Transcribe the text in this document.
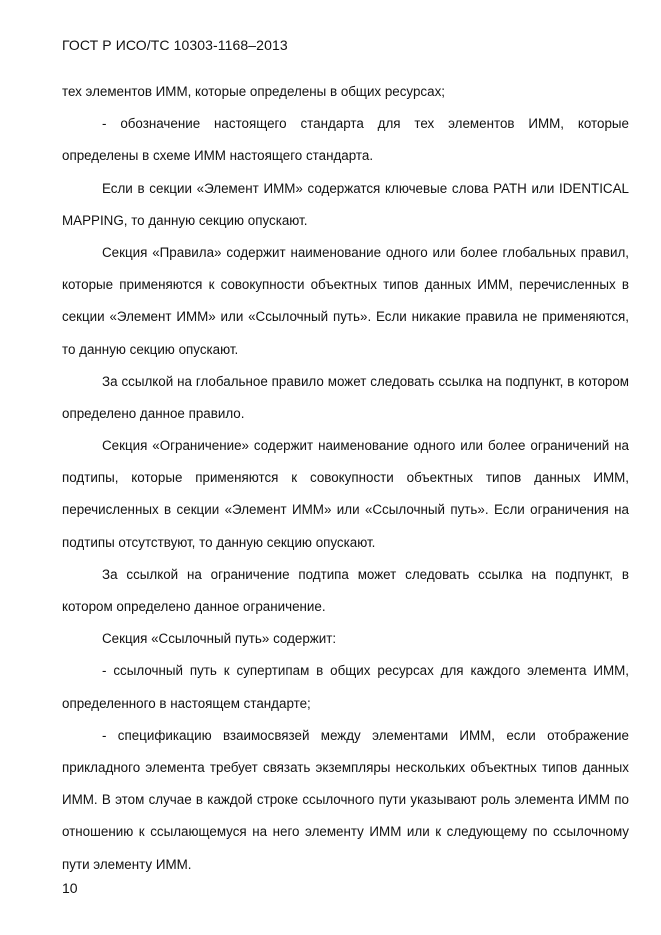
ГОСТ Р ИСО/ТС 10303-1168–2013
тех элементов ИММ, которые определены в общих ресурсах;
- обозначение настоящего стандарта для тех элементов ИММ, которые
определены в схеме ИММ настоящего стандарта.
Если в секции «Элемент ИММ» содержатся ключевые слова PATH или IDENTICAL
MAPPING, то данную секцию опускают.
Секция «Правила» содержит наименование одного или более глобальных правил,
которые применяются к совокупности объектных типов данных ИММ, перечисленных в
секции «Элемент ИММ» или «Ссылочный путь». Если никакие правила не применяются,
то данную секцию опускают.
За ссылкой на глобальное правило может следовать ссылка на подпункт, в котором
определено данное правило.
Секция «Ограничение» содержит наименование одного или более ограничений на
подтипы, которые применяются к совокупности объектных типов данных ИММ,
перечисленных в секции «Элемент ИММ» или «Ссылочный путь». Если ограничения на
подтипы отсутствуют, то данную секцию опускают.
За ссылкой на ограничение подтипа может следовать ссылка на подпункт, в
котором определено данное ограничение.
Секция «Ссылочный путь» содержит:
- ссылочный путь к супертипам в общих ресурсах для каждого элемента ИММ,
определенного в настоящем стандарте;
- спецификацию взаимосвязей между элементами ИММ, если отображение
прикладного элемента требует связать экземпляры нескольких объектных типов данных
ИММ. В этом случае в каждой строке ссылочного пути указывают роль элемента ИММ по
отношению к ссылающемуся на него элементу ИММ или к следующему по ссылочному
пути элементу ИММ.
10
